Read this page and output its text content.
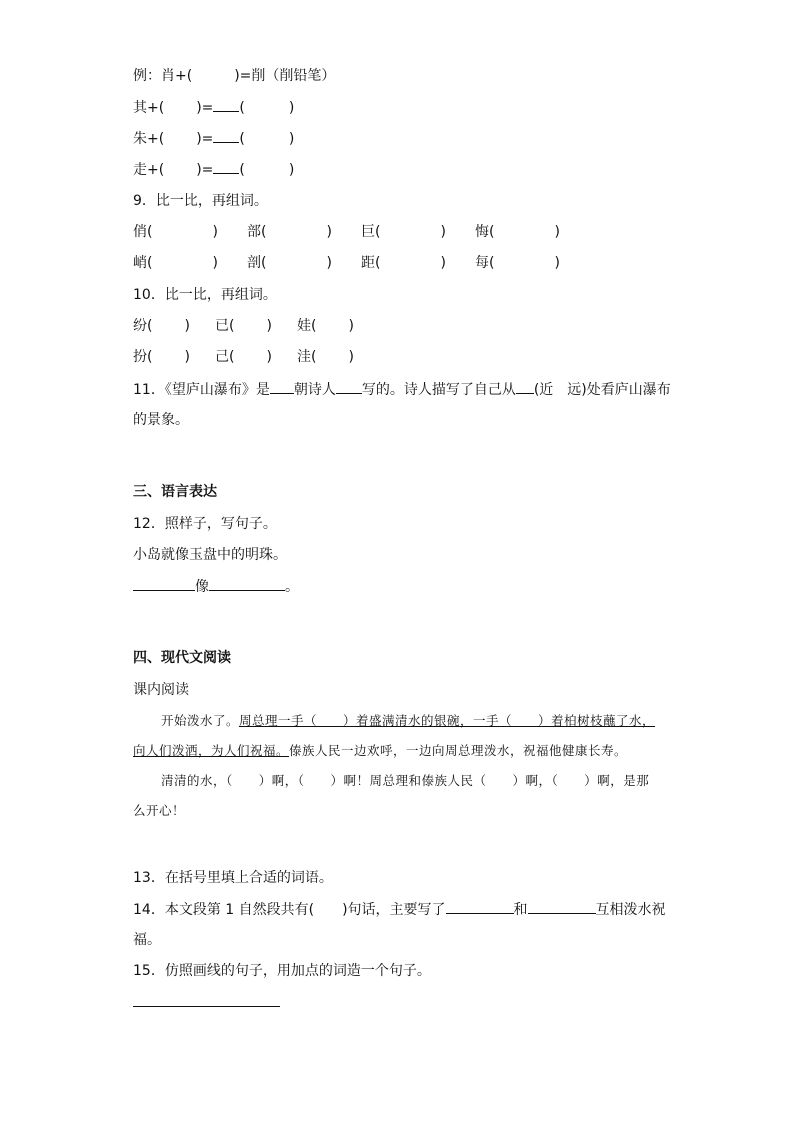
例：肖+(　　　)=削（削铅笔）
其+( )= (	)
朱+( )= (	)
走+( )= (	)
9．比一比，再组词。
俏(	) 部(	) 巨(	) 悔(	)
峭(	) 剖(	) 距(	) 每(	)
10．比一比，再组词。
纷( ) 已( ) 娃( )
扮( ) 己( ) 洼( )
11．《望庐山瀑布》是 朝诗人 写的。诗人描写了自己从 (近　远)处看庐山瀑布
的景象。
三、语言表达
12．照样子，写句子。
小岛就像玉盘中的明珠。
像	。
四、现代文阅读
课内阅读

开始泼水了。周总理一手（　　）着盛满清水的银碗，一手（　　）着柏树枝蘸了水，向人们泼洒，为人们祝福。傣族人民一边欢呼，一边向周总理泼水，祝福他健康长寿。

清清的水，（　　）啊，（　　）啊！周总理和傣族人民（　　）啊，（　　）啊，是那么开心！

13．在括号里填上合适的词语。
14．本文段第 1 自然段共有(　　)句话，主要写了	和	互相泼水祝
福。
15．仿照画线的句子，用加点的词造一个句子。
